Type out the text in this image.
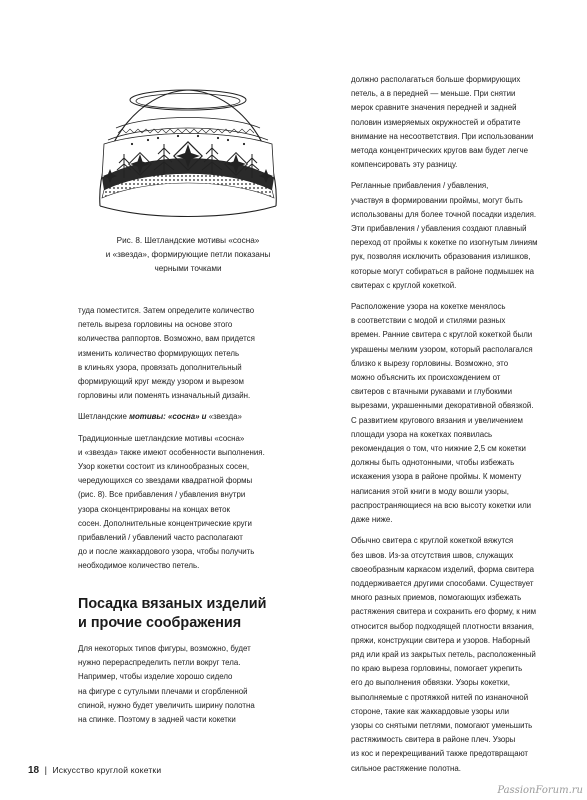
Рис. 8. Шетландские мотивы «сосна»
и «звезда», формирующие петли показаны
черными точками

туда поместится. Затем определите количество
петель выреза горловины на основе этого
количества раппортов. Возможно, вам придется
изменить количество формирующих петель
в клиньях узора, провязать дополнительный
формирующий круг между узором и вырезом
горловины или поменять изначальный дизайн.

Шетландские мотивы: «сосна» и «звезда»

Традиционные шетландские мотивы «сосна»
и «звезда» также имеют особенности выполнения.
Узор кокетки состоит из клинообразных сосен,
чередующихся со звездами квадратной формы
(рис. 8). Все прибавления / убавления внутри
узора сконцентрированы на концах веток
сосен. Дополнительные концентрические круги
прибавлений / убавлений часто располагают
до и после жаккардового узора, чтобы получить
необходимое количество петель.

Посадка вязаных изделий
и прочие соображения

Для некоторых типов фигуры, возможно, будет
нужно перераспределить петли вокруг тела.
Например, чтобы изделие хорошо сидело
на фигуре с сутулыми плечами и сгорбленной
спиной, нужно будет увеличить ширину полотна
на спинке. Поэтому в задней части кокетки

должно располагаться больше формирующих
петель, а в передней — меньше. При снятии
мерок сравните значения передней и задней
половин измеряемых окружностей и обратите
внимание на несоответствия. При использовании
метода концентрических кругов вам будет легче
компенсировать эту разницу.

Регланные прибавления / убавления,
участвуя в формировании проймы, могут быть
использованы для более точной посадки изделия.
Эти прибавления / убавления создают плавный
переход от проймы к кокетке по изогнутым линиям
рук, позволяя исключить образования излишков,
которые могут собираться в районе подмышек на
свитерах с круглой кокеткой.

Расположение узора на кокетке менялось
в соответствии с модой и стилями разных
времен. Ранние свитера с круглой кокеткой были
украшены мелким узором, который располагался
близко к вырезу горловины. Возможно, это
можно объяснить их происхождением от
свитеров с втачными рукавами и глубокими
вырезами, украшенными декоративной обвязкой.
С развитием кругового вязания и увеличением
площади узора на кокетках появилась
рекомендация о том, что нижние 2,5 см кокетки
должны быть однотонными, чтобы избежать
искажения узора в районе проймы. К моменту
написания этой книги в моду вошли узоры,
распространяющиеся на всю высоту кокетки или
даже ниже.

Обычно свитера с круглой кокеткой вяжутся
без швов. Из-за отсутствия швов, служащих
своеобразным каркасом изделий, форма свитера
поддерживается другими способами. Существует
много разных приемов, помогающих избежать
растяжения свитера и сохранить его форму, к ним
относится выбор подходящей плотности вязания,
пряжи, конструкции свитера и узоров. Наборный
ряд или край из закрытых петель, расположенный
по краю выреза горловины, помогает укрепить
его до выполнения обвязки. Узоры кокетки,
выполняемые с протяжкой нитей по изнаночной
стороне, такие как жаккардовые узоры или
узоры со снятыми петлями, помогают уменьшить
растяжимость свитера в районе плеч. Узоры
из кос и перекрещиваний также предотвращают
сильное растяжение полотна.

18 | Искусство круглой кокетки
PassionForum.ru
